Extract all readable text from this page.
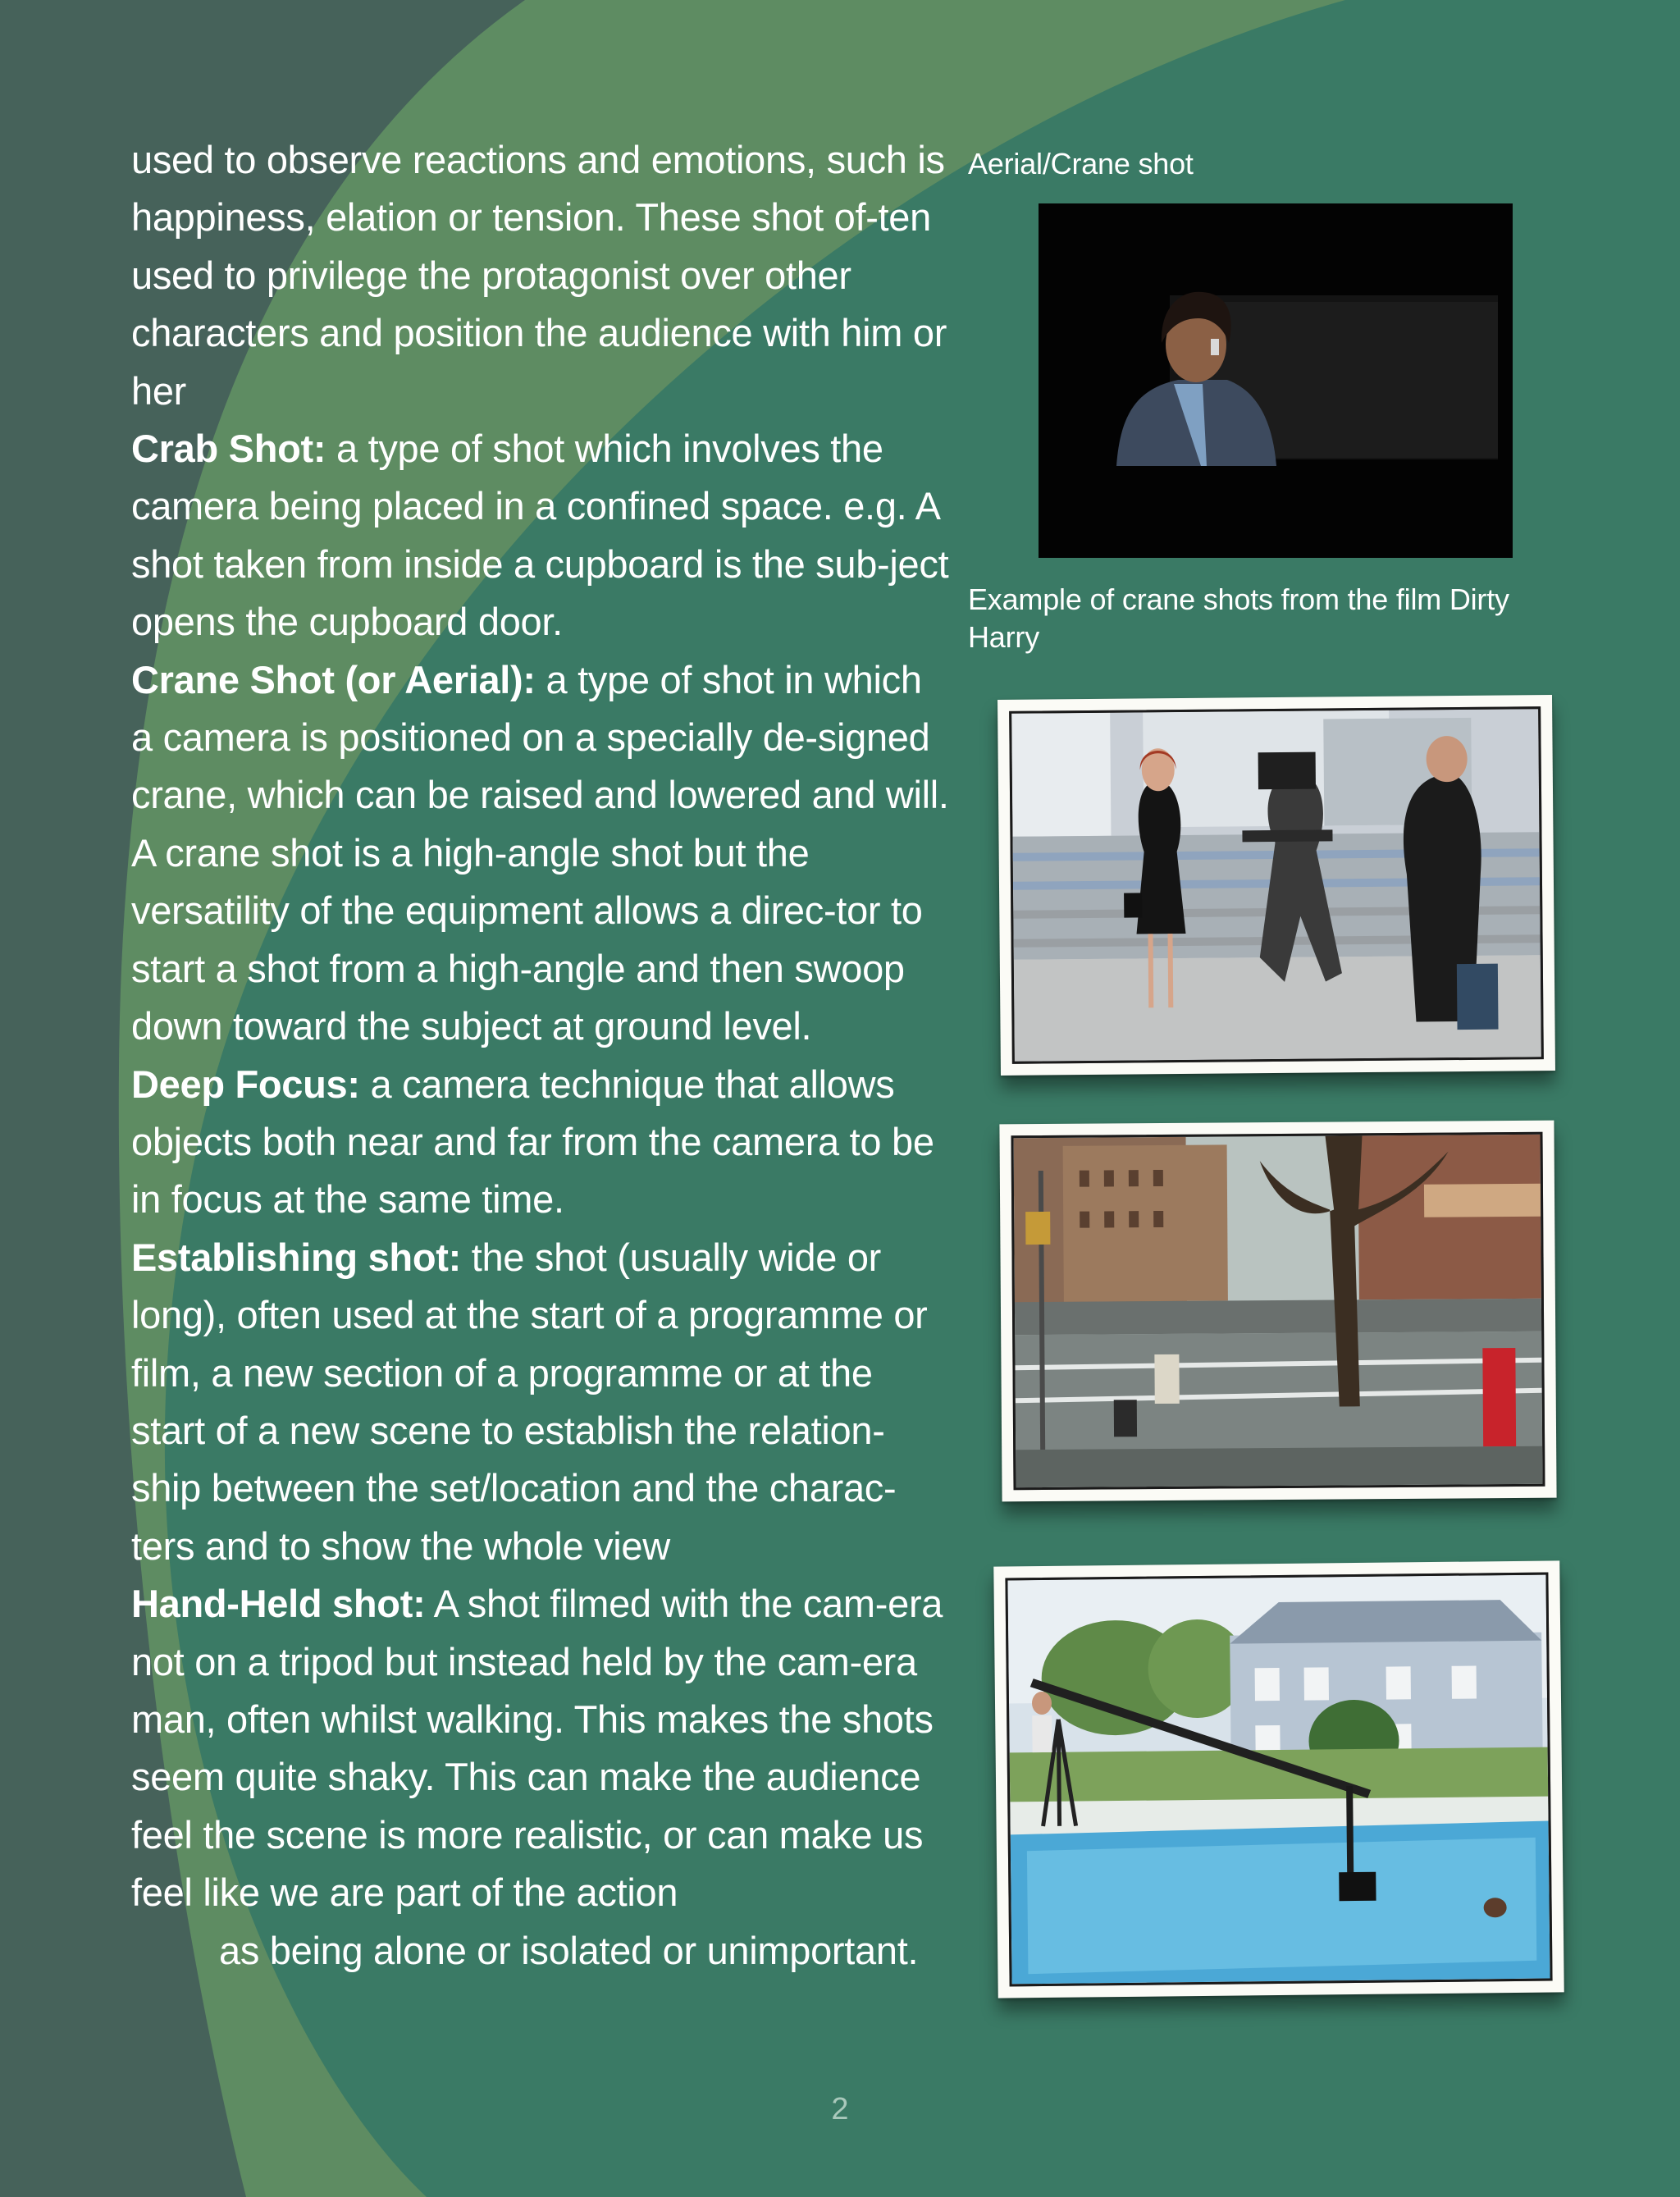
used to observe reactions and emotions, such is happiness, elation or tension. These shot of-ten used to privilege the protagonist over other characters and position the audience with him or her

Crab Shot: a type of shot which involves the camera being placed in a confined space. e.g. A shot taken from inside a cupboard is the sub-ject opens the cupboard door.

Crane Shot (or Aerial): a type of shot in which a camera is positioned on a specially de-signed crane, which can be raised and lowered and will. A crane shot is a high-angle shot but the versatility of the equipment allows a direc-tor to start a shot from a high-angle and then swoop down toward the subject at ground level.

Deep Focus: a camera technique that allows objects both near and far from the camera to be in focus at the same time.

Establishing shot: the shot (usually wide or long), often used at the start of a programme or film, a new section of a programme or at the start of a new scene to establish the relation-ship between the set/location and the charac-ters and to show the whole view

Hand-Held shot: A shot filmed with the cam-era not on a tripod but instead held by the cam-era man, often whilst walking. This makes the shots seem quite shaky. This can make the audience feel the scene is more realistic, or can make us feel like we are part of the action

as being alone or isolated or unimportant.
Aerial/Crane shot
Example of crane shots from the film Dirty Harry
2
